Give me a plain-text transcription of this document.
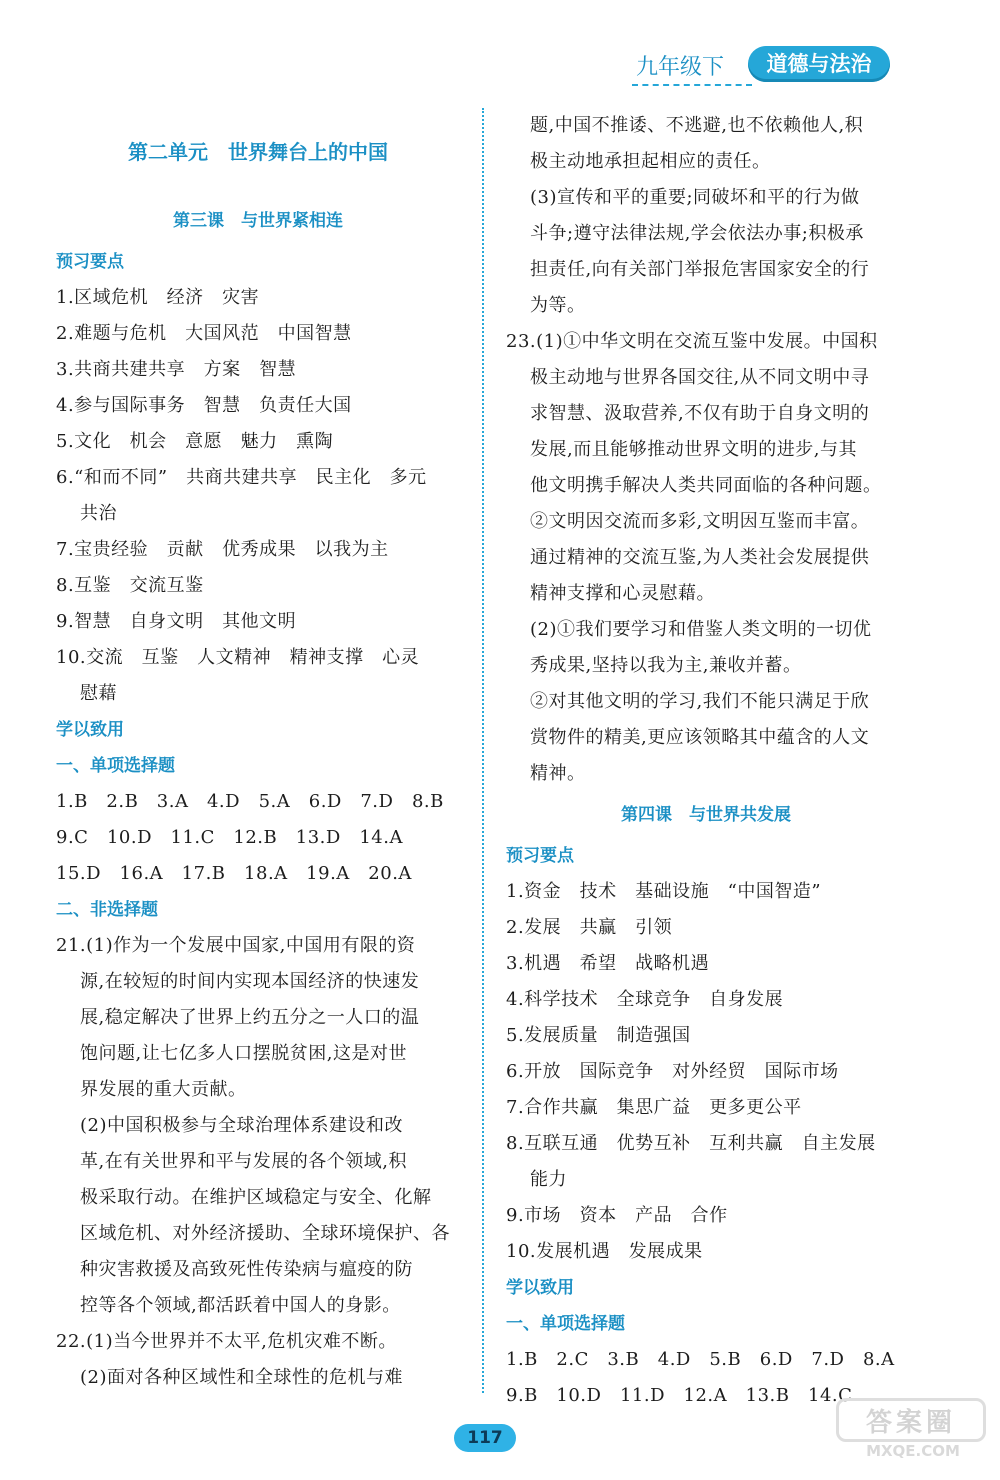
九年级下	道德与法治
第二单元　世界舞台上的中国
第三课　与世界紧相连
预习要点
1.区域危机　经济　灾害
2.难题与危机　大国风范　中国智慧
3.共商共建共享　方案　智慧
4.参与国际事务　智慧　负责任大国
5.文化　机会　意愿　魅力　熏陶
6.“和而不同”　共商共建共享　民主化　多元
共治
7.宝贵经验　贡献　优秀成果　以我为主
8.互鉴　交流互鉴
9.智慧　自身文明　其他文明
10.交流　互鉴　人文精神　精神支撑　心灵
慰藉
学以致用
一、单项选择题
1.B　2.B　3.A　4.D　5.A　6.D　7.D　8.B
9.C　10.D　11.C　12.B　13.D　14.A
15.D　16.A　17.B　18.A　19.A　20.A
二、非选择题
21.(1)作为一个发展中国家,中国用有限的资
源,在较短的时间内实现本国经济的快速发
展,稳定解决了世界上约五分之一人口的温
饱问题,让七亿多人口摆脱贫困,这是对世
界发展的重大贡献。
(2)中国积极参与全球治理体系建设和改
革,在有关世界和平与发展的各个领域,积
极采取行动。在维护区域稳定与安全、化解
区域危机、对外经济援助、全球环境保护、各
种灾害救援及高致死性传染病与瘟疫的防
控等各个领域,都活跃着中国人的身影。
22.(1)当今世界并不太平,危机灾难不断。
(2)面对各种区域性和全球性的危机与难
题,中国不推诿、不逃避,也不依赖他人,积
极主动地承担起相应的责任。
(3)宣传和平的重要;同破坏和平的行为做
斗争;遵守法律法规,学会依法办事;积极承
担责任,向有关部门举报危害国家安全的行
为等。
23.(1)①中华文明在交流互鉴中发展。中国积
极主动地与世界各国交往,从不同文明中寻
求智慧、汲取营养,不仅有助于自身文明的
发展,而且能够推动世界文明的进步,与其
他文明携手解决人类共同面临的各种问题。
②文明因交流而多彩,文明因互鉴而丰富。
通过精神的交流互鉴,为人类社会发展提供
精神支撑和心灵慰藉。
(2)①我们要学习和借鉴人类文明的一切优
秀成果,坚持以我为主,兼收并蓄。
②对其他文明的学习,我们不能只满足于欣
赏物件的精美,更应该领略其中蕴含的人文
精神。
第四课　与世界共发展
预习要点
1.资金　技术　基础设施　“中国智造”
2.发展　共赢　引领
3.机遇　希望　战略机遇
4.科学技术　全球竞争　自身发展
5.发展质量　制造强国
6.开放　国际竞争　对外经贸　国际市场
7.合作共赢　集思广益　更多更公平
8.互联互通　优势互补　互利共赢　自主发展
能力
9.市场　资本　产品　合作
10.发展机遇　发展成果
学以致用
一、单项选择题
1.B　2.C　3.B　4.D　5.B　6.D　7.D　8.A
9.B　10.D　11.D　12.A　13.B　14.C
117
答案圈
MXQE.COM
